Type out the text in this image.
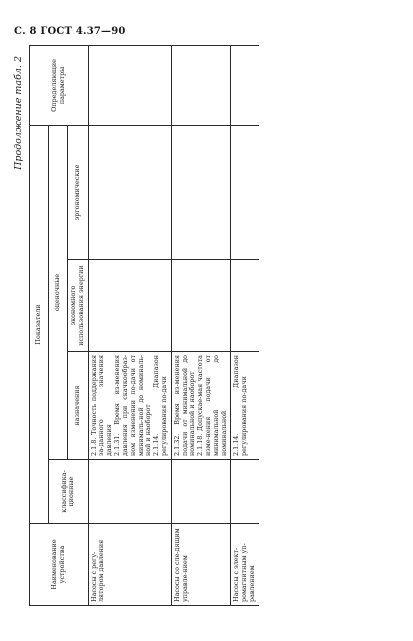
С. 8 ГОСТ 4.37—90
Продолжение табл. 2
Наименование устройства	Показатели				Определяющие параметры
	классифика-ционные	оценочные			
		назначения	экономного использования энергии	эргономические	
Насосы с регу-лятором давления		2.1.8. Точность поддержания за-данного значения давления 2.1.31. Время из-менения давления при скачкообраз-ном изменении по-дачи от минималь-ной до номиналь-ной и наоборот 2.1.14. Диапазон регулирования по-дачи			

Насосы со сле-дящим управле-нием		2.1.32. Время из-менения подачи от минимальной до номинальной и наоборот 2.1.18. Допускае-мая частота изме-нения подачи от минимальной до номинальной			

Насосы с элект-ромагнитным уп-равлением		2.1.14. Диапазон регулирования по-дачи			
